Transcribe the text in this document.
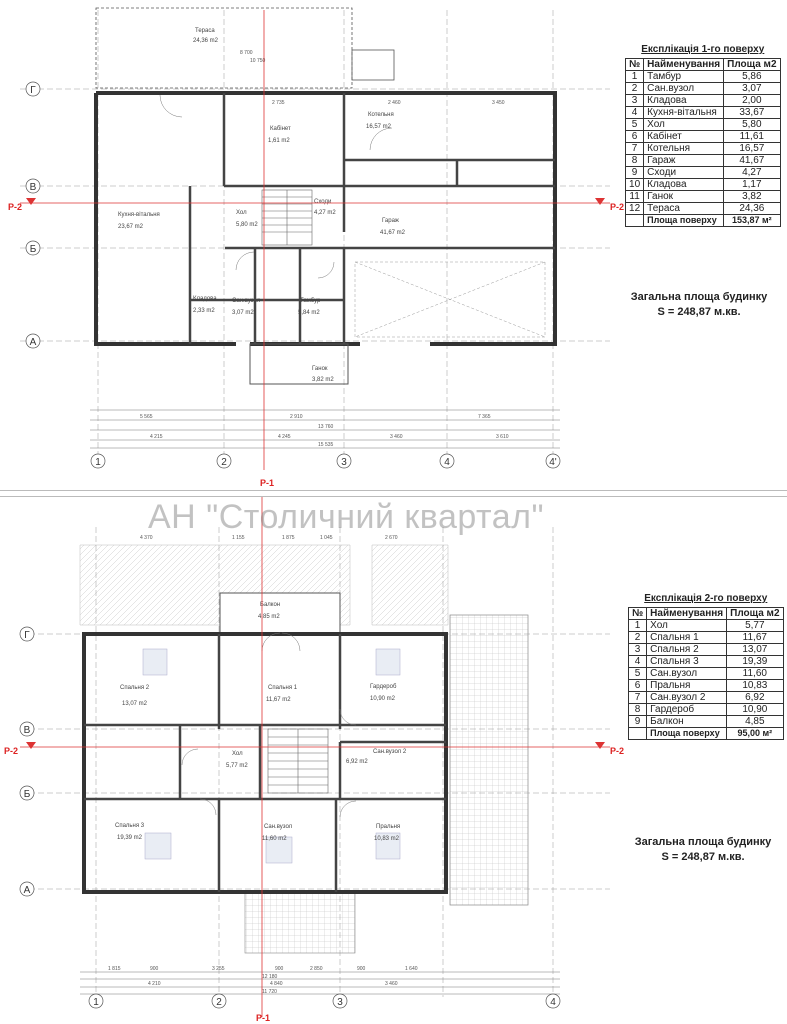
Тераса
24,36 m2
Кабінет
1,61 m2
Котельня
16,57 m2
Кухня-вітальня
23,67 m2
Хол
5,80 m2
Кладова
2,33 m2
Сан.вузол
3,07 m2
Тамбур
5,84 m2
Гараж
41,67 m2
Сходи
4,27 m2
Ганок
3,82 m2
10 750
8 700
2 735	2 460	3 450
5 565	2 910	7 365
4 215	4 245	3 460	3 610
13 760
15 535
Р-2	Р-2
Р-1
Г
В
Б
А
1	2	3	4	4'
Експлікація 1-го поверху		
№	Найменування	Площа м2
1	Тамбур	5,86
2	Сан.вузол	3,07
3	Кладова	2,00
4	Кухня-вітальня	33,67
5	Хол	5,80
6	Кабінет	11,61
7	Котельня	16,57
8	Гараж	41,67
9	Сходи	4,27
10	Кладова	1,17
11	Ганок	3,82
12	Тераса	24,36
	Площа поверху	153,87 м²
Загальна площа будинку
S = 248,87 м.кв.
Балкон
4,85 m2
Спальня 2
13,07 m2
Спальня 1
11,67 m2
Гардероб
10,90 m2
Хол
5,77 m2
Сан.вузол 2
6,92 m2
Спальня 3
19,39 m2
Сан.вузол
11,60 m2
Пральня
10,83 m2
4 370	1 155	1 875	1 045	2 670
1 815	900	3 255	900	2 850	900	1 640
4 210	4 840	3 460
12 180
11 720
Р-2	Р-2
Р-1
Г
В
Б
А
1	2	3	4
Експлікація 2-го поверху		
№	Найменування	Площа м2
1	Хол	5,77
2	Спальня 1	11,67
3	Спальня 2	13,07
4	Спальня 3	19,39
5	Сан.вузол	11,60
6	Пральня	10,83
7	Сан.вузол 2	6,92
8	Гардероб	10,90
9	Балкон	4,85
	Площа поверху	95,00 м²
Загальна площа будинку
S = 248,87 м.кв.
АН "Столичний квартал"
